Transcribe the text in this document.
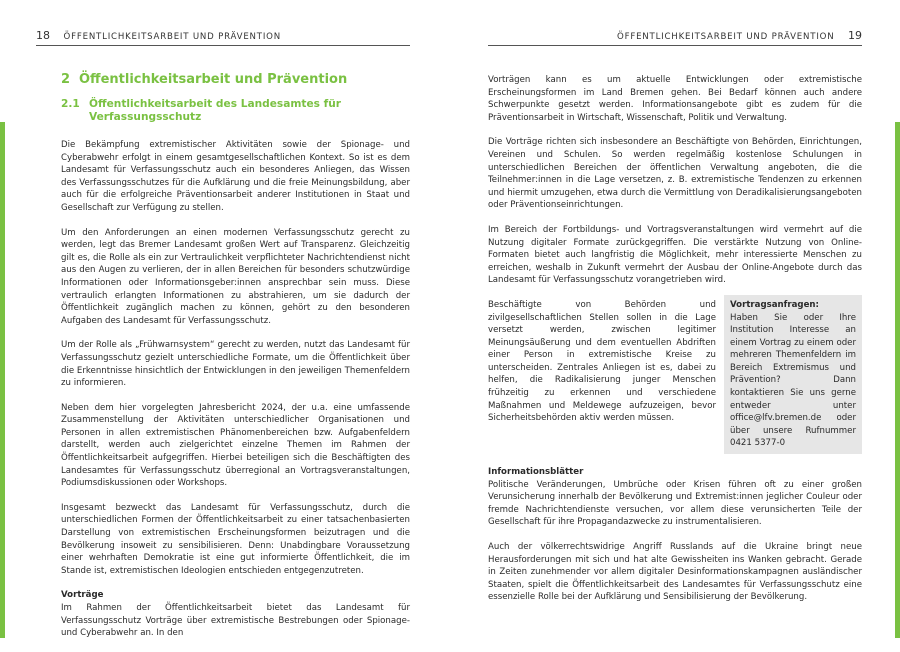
18 ÖFFENTLICHKEITSARBEIT UND PRÄVENTION
2 Öffentlichkeitsarbeit und Prävention
2.1 Öffentlichkeitsarbeit des Landesamtes für Verfassungsschutz

Die Bekämpfung extremistischer Aktivitäten sowie der Spionage- und Cyberabwehr erfolgt in einem gesamtgesellschaftlichen Kontext. So ist es dem Landesamt für Verfassungsschutz auch ein besonderes Anliegen, das Wissen des Verfassungsschutzes für die Aufklärung und die freie Meinungsbildung, aber auch für die erfolgreiche Präventionsarbeit anderer Institutionen in Staat und Gesellschaft zur Verfügung zu stellen.

Um den Anforderungen an einen modernen Verfassungsschutz gerecht zu werden, legt das Bremer Landesamt großen Wert auf Transparenz. Gleichzeitig gilt es, die Rolle als ein zur Vertraulichkeit verpflichteter Nachrichtendienst nicht aus den Augen zu verlieren, der in allen Bereichen für besonders schutzwürdige Informationen oder Informationsgeber:innen ansprechbar sein muss. Diese vertraulich erlangten Informationen zu abstrahieren, um sie dadurch der Öffentlichkeit zugänglich machen zu können, gehört zu den besonderen Aufgaben des Landesamt für Verfassungsschutz.

Um der Rolle als „Frühwarnsystem“ gerecht zu werden, nutzt das Landesamt für Verfassungsschutz gezielt unterschiedliche Formate, um die Öffentlichkeit über die Erkenntnisse hinsichtlich der Entwicklungen in den jeweiligen Themenfeldern zu informieren.

Neben dem hier vorgelegten Jahresbericht 2024, der u.a. eine umfassende Zusammenstellung der Aktivitäten unterschiedlicher Organisationen und Personen in allen extremistischen Phänomenbereichen bzw. Aufgabenfeldern darstellt, werden auch zielgerichtet einzelne Themen im Rahmen der Öffentlichkeitsarbeit aufgegriffen. Hierbei beteiligen sich die Beschäftigten des Landesamtes für Verfassungsschutz überregional an Vortragsveranstaltungen, Podiumsdiskussionen oder Workshops.

Insgesamt bezweckt das Landesamt für Verfassungsschutz, durch die unterschiedlichen Formen der Öffentlichkeitsarbeit zu einer tatsachenbasierten Darstellung von extremistischen Erscheinungsformen beizutragen und die Bevölkerung insoweit zu sensibilisieren. Denn: Unabdingbare Voraussetzung einer wehrhaften Demokratie ist eine gut informierte Öffentlichkeit, die im Stande ist, extremistischen Ideologien entschieden entgegenzutreten.

Vorträge

Im Rahmen der Öffentlichkeitsarbeit bietet das Landesamt für Verfassungsschutz Vorträge über extremistische Bestrebungen oder Spionage- und Cyberabwehr an. In den

ÖFFENTLICHKEITSARBEIT UND PRÄVENTION 19

Vorträgen kann es um aktuelle Entwicklungen oder extremistische Erscheinungsformen im Land Bremen gehen. Bei Bedarf können auch andere Schwerpunkte gesetzt werden. Informationsangebote gibt es zudem für die Präventionsarbeit in Wirtschaft, Wissenschaft, Politik und Verwaltung.

Die Vorträge richten sich insbesondere an Beschäftigte von Behörden, Einrichtungen, Vereinen und Schulen. So werden regelmäßig kostenlose Schulungen in unterschiedlichen Bereichen der öffentlichen Verwaltung angeboten, die die Teilnehmer:innen in die Lage versetzen, z. B. extremistische Tendenzen zu erkennen und hiermit umzugehen, etwa durch die Vermittlung von Deradikalisierungsangeboten oder Präventionseinrichtungen.

Im Bereich der Fortbildungs- und Vortragsveranstaltungen wird vermehrt auf die Nutzung digitaler Formate zurückgegriffen. Die verstärkte Nutzung von Online-Formaten bietet auch langfristig die Möglichkeit, mehr interessierte Menschen zu erreichen, weshalb in Zukunft vermehrt der Ausbau der Online-Angebote durch das Landesamt für Verfassungsschutz vorangetrieben wird.

Beschäftigte von Behörden und zivilgesellschaftlichen Stellen sollen in die Lage versetzt werden, zwischen legitimer Meinungsäußerung und dem eventuellen Abdriften einer Person in extremistische Kreise zu unterscheiden. Zentrales Anliegen ist es, dabei zu helfen, die Radikalisierung junger Menschen frühzeitig zu erkennen und verschiedene Maßnahmen und Meldewege aufzuzeigen, bevor Sicherheitsbehörden aktiv werden müssen.

Vortragsanfragen:
Haben Sie oder Ihre Institution Interesse an einem Vortrag zu einem oder mehreren Themenfeldern im Bereich Extremismus und Prävention? Dann kontaktieren Sie uns gerne entweder unter office@lfv.bremen.de oder über unsere Rufnummer 0421 5377-0
Informationsblätter

Politische Veränderungen, Umbrüche oder Krisen führen oft zu einer großen Verunsicherung innerhalb der Bevölkerung und Extremist:innen jeglicher Couleur oder fremde Nachrichtendienste versuchen, vor allem diese verunsicherten Teile der Gesellschaft für ihre Propagandazwecke zu instrumentalisieren.

Auch der völkerrechtswidrige Angriff Russlands auf die Ukraine bringt neue Herausforderungen mit sich und hat alte Gewissheiten ins Wanken gebracht. Gerade in Zeiten zunehmender vor allem digitaler Desinformationskampagnen ausländischer Staaten, spielt die Öffentlichkeitsarbeit des Landesamtes für Verfassungsschutz eine essenzielle Rolle bei der Aufklärung und Sensibilisierung der Bevölkerung.
